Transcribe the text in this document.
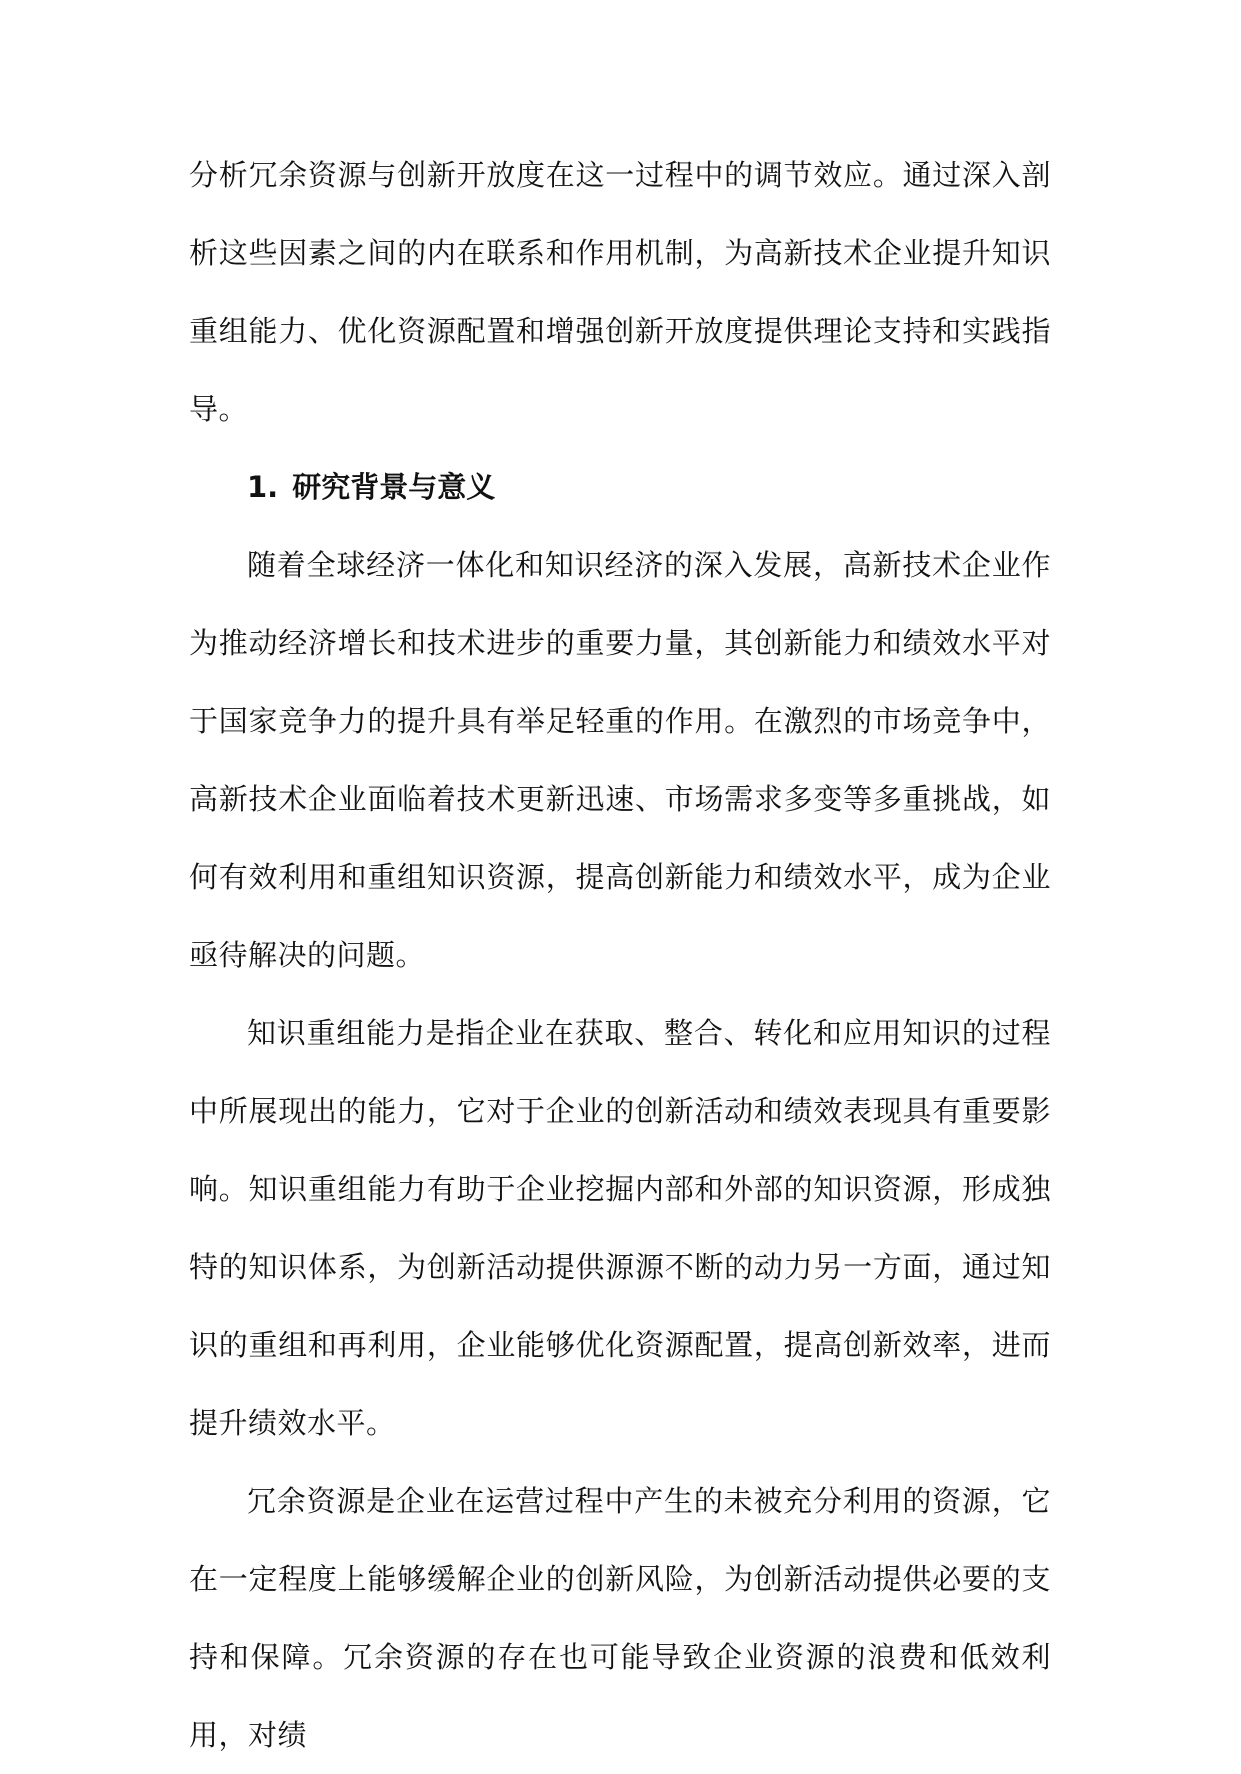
分析冗余资源与创新开放度在这一过程中的调节效应。通过深入剖析这些因素之间的内在联系和作用机制，为高新技术企业提升知识重组能力、优化资源配置和增强创新开放度提供理论支持和实践指导。

1. 研究背景与意义

随着全球经济一体化和知识经济的深入发展，高新技术企业作为推动经济增长和技术进步的重要力量，其创新能力和绩效水平对于国家竞争力的提升具有举足轻重的作用。在激烈的市场竞争中，高新技术企业面临着技术更新迅速、市场需求多变等多重挑战，如何有效利用和重组知识资源，提高创新能力和绩效水平，成为企业亟待解决的问题。

知识重组能力是指企业在获取、整合、转化和应用知识的过程中所展现出的能力，它对于企业的创新活动和绩效表现具有重要影响。知识重组能力有助于企业挖掘内部和外部的知识资源，形成独特的知识体系，为创新活动提供源源不断的动力另一方面，通过知识的重组和再利用，企业能够优化资源配置，提高创新效率，进而提升绩效水平。

冗余资源是企业在运营过程中产生的未被充分利用的资源，它在一定程度上能够缓解企业的创新风险，为创新活动提供必要的支持和保障。冗余资源的存在也可能导致企业资源的浪费和低效利用，对绩
